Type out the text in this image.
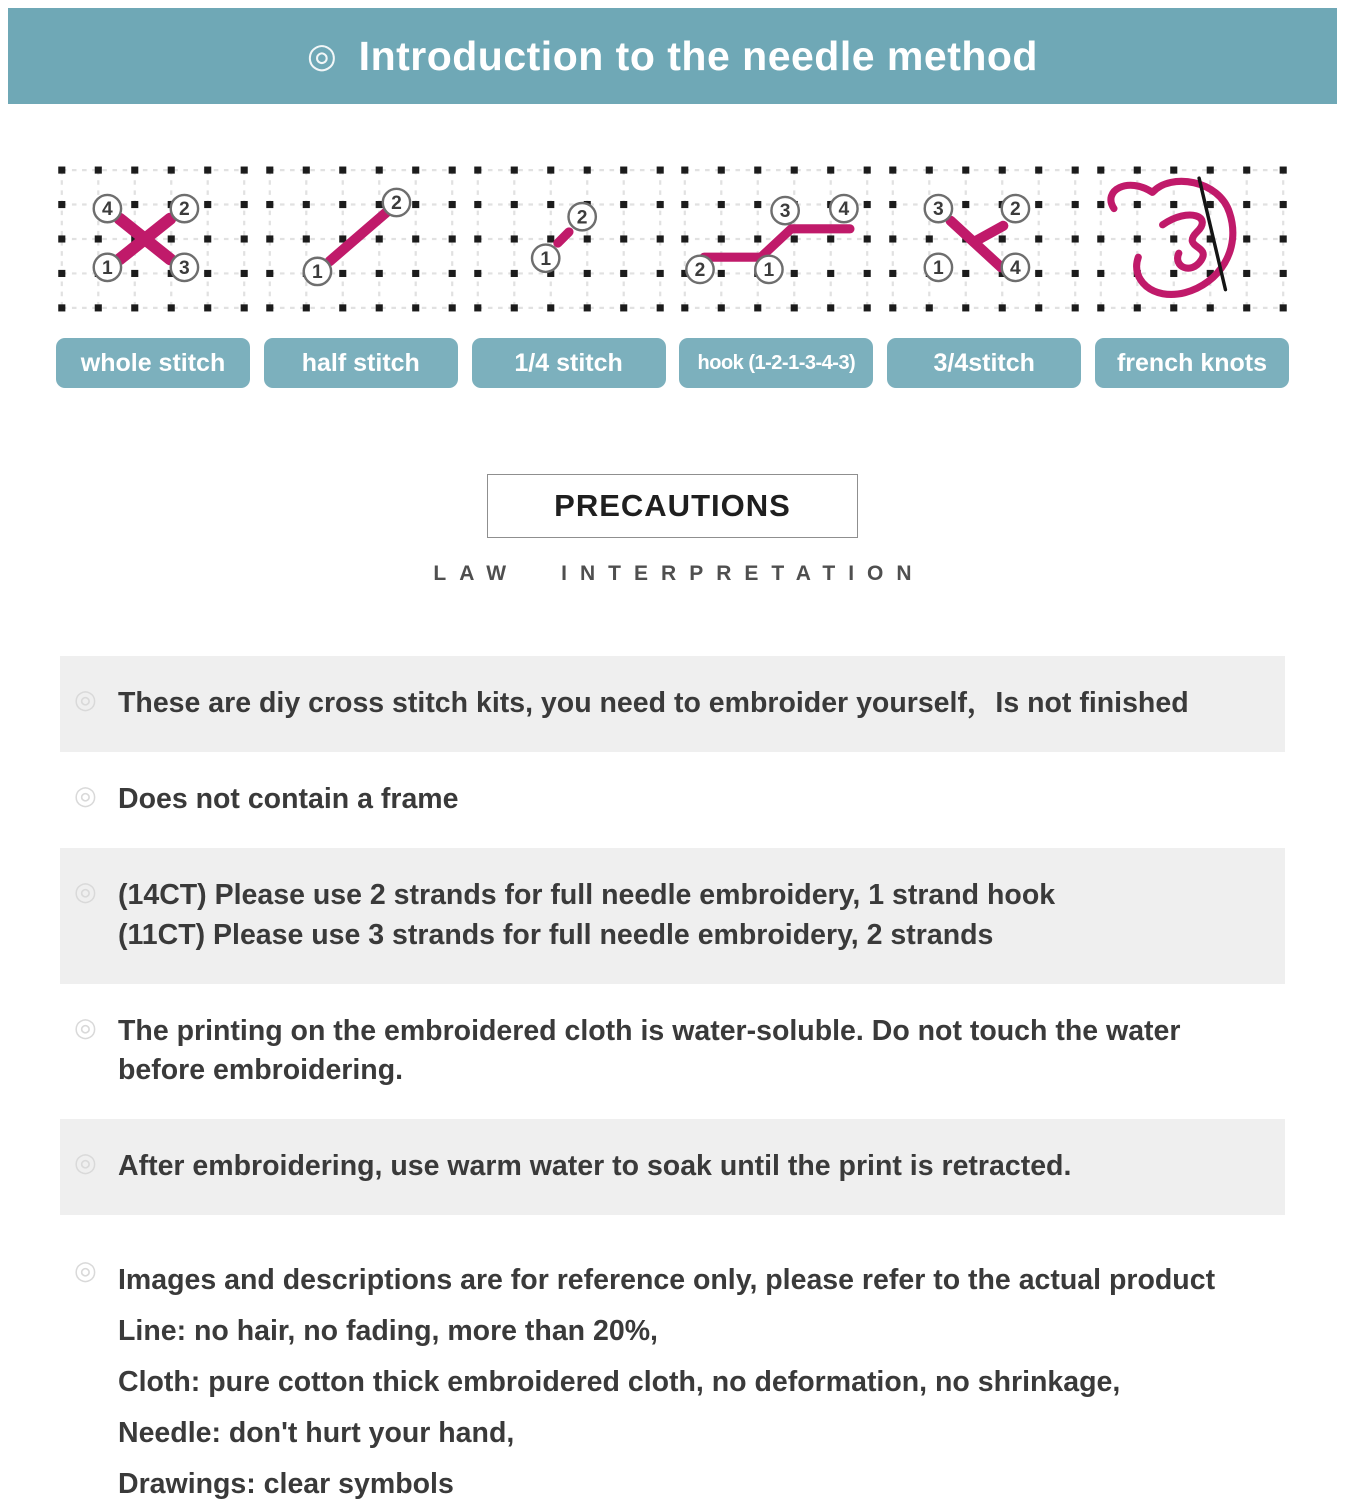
◎ Introduction to the needle method
4	2
1	3
whole stitch
1
2
half stitch
1
2
1/4 stitch
2	1
3	4
hook (1-2-1-3-4-3)
3	2
1	4
3/4stitch	french knots
PRECAUTIONS
LAW INTERPRETATION
◎ These are diy cross stitch kits, you need to embroider yourself，Is not finished

◎ Does not contain a frame

◎ (14CT) Please use 2 strands for full needle embroidery, 1 strand hook

(11CT) Please use 3 strands for full needle embroidery, 2 strands

◎ The printing on the embroidered cloth is water-soluble. Do not touch the water

before embroidering.

◎ After embroidering, use warm water to soak until the print is retracted.

◎ Images and descriptions are for reference only, please refer to the actual product

Line: no hair, no fading, more than 20%,

Cloth: pure cotton thick embroidered cloth, no deformation, no shrinkage,

Needle: don't hurt your hand,

Drawings: clear symbols
